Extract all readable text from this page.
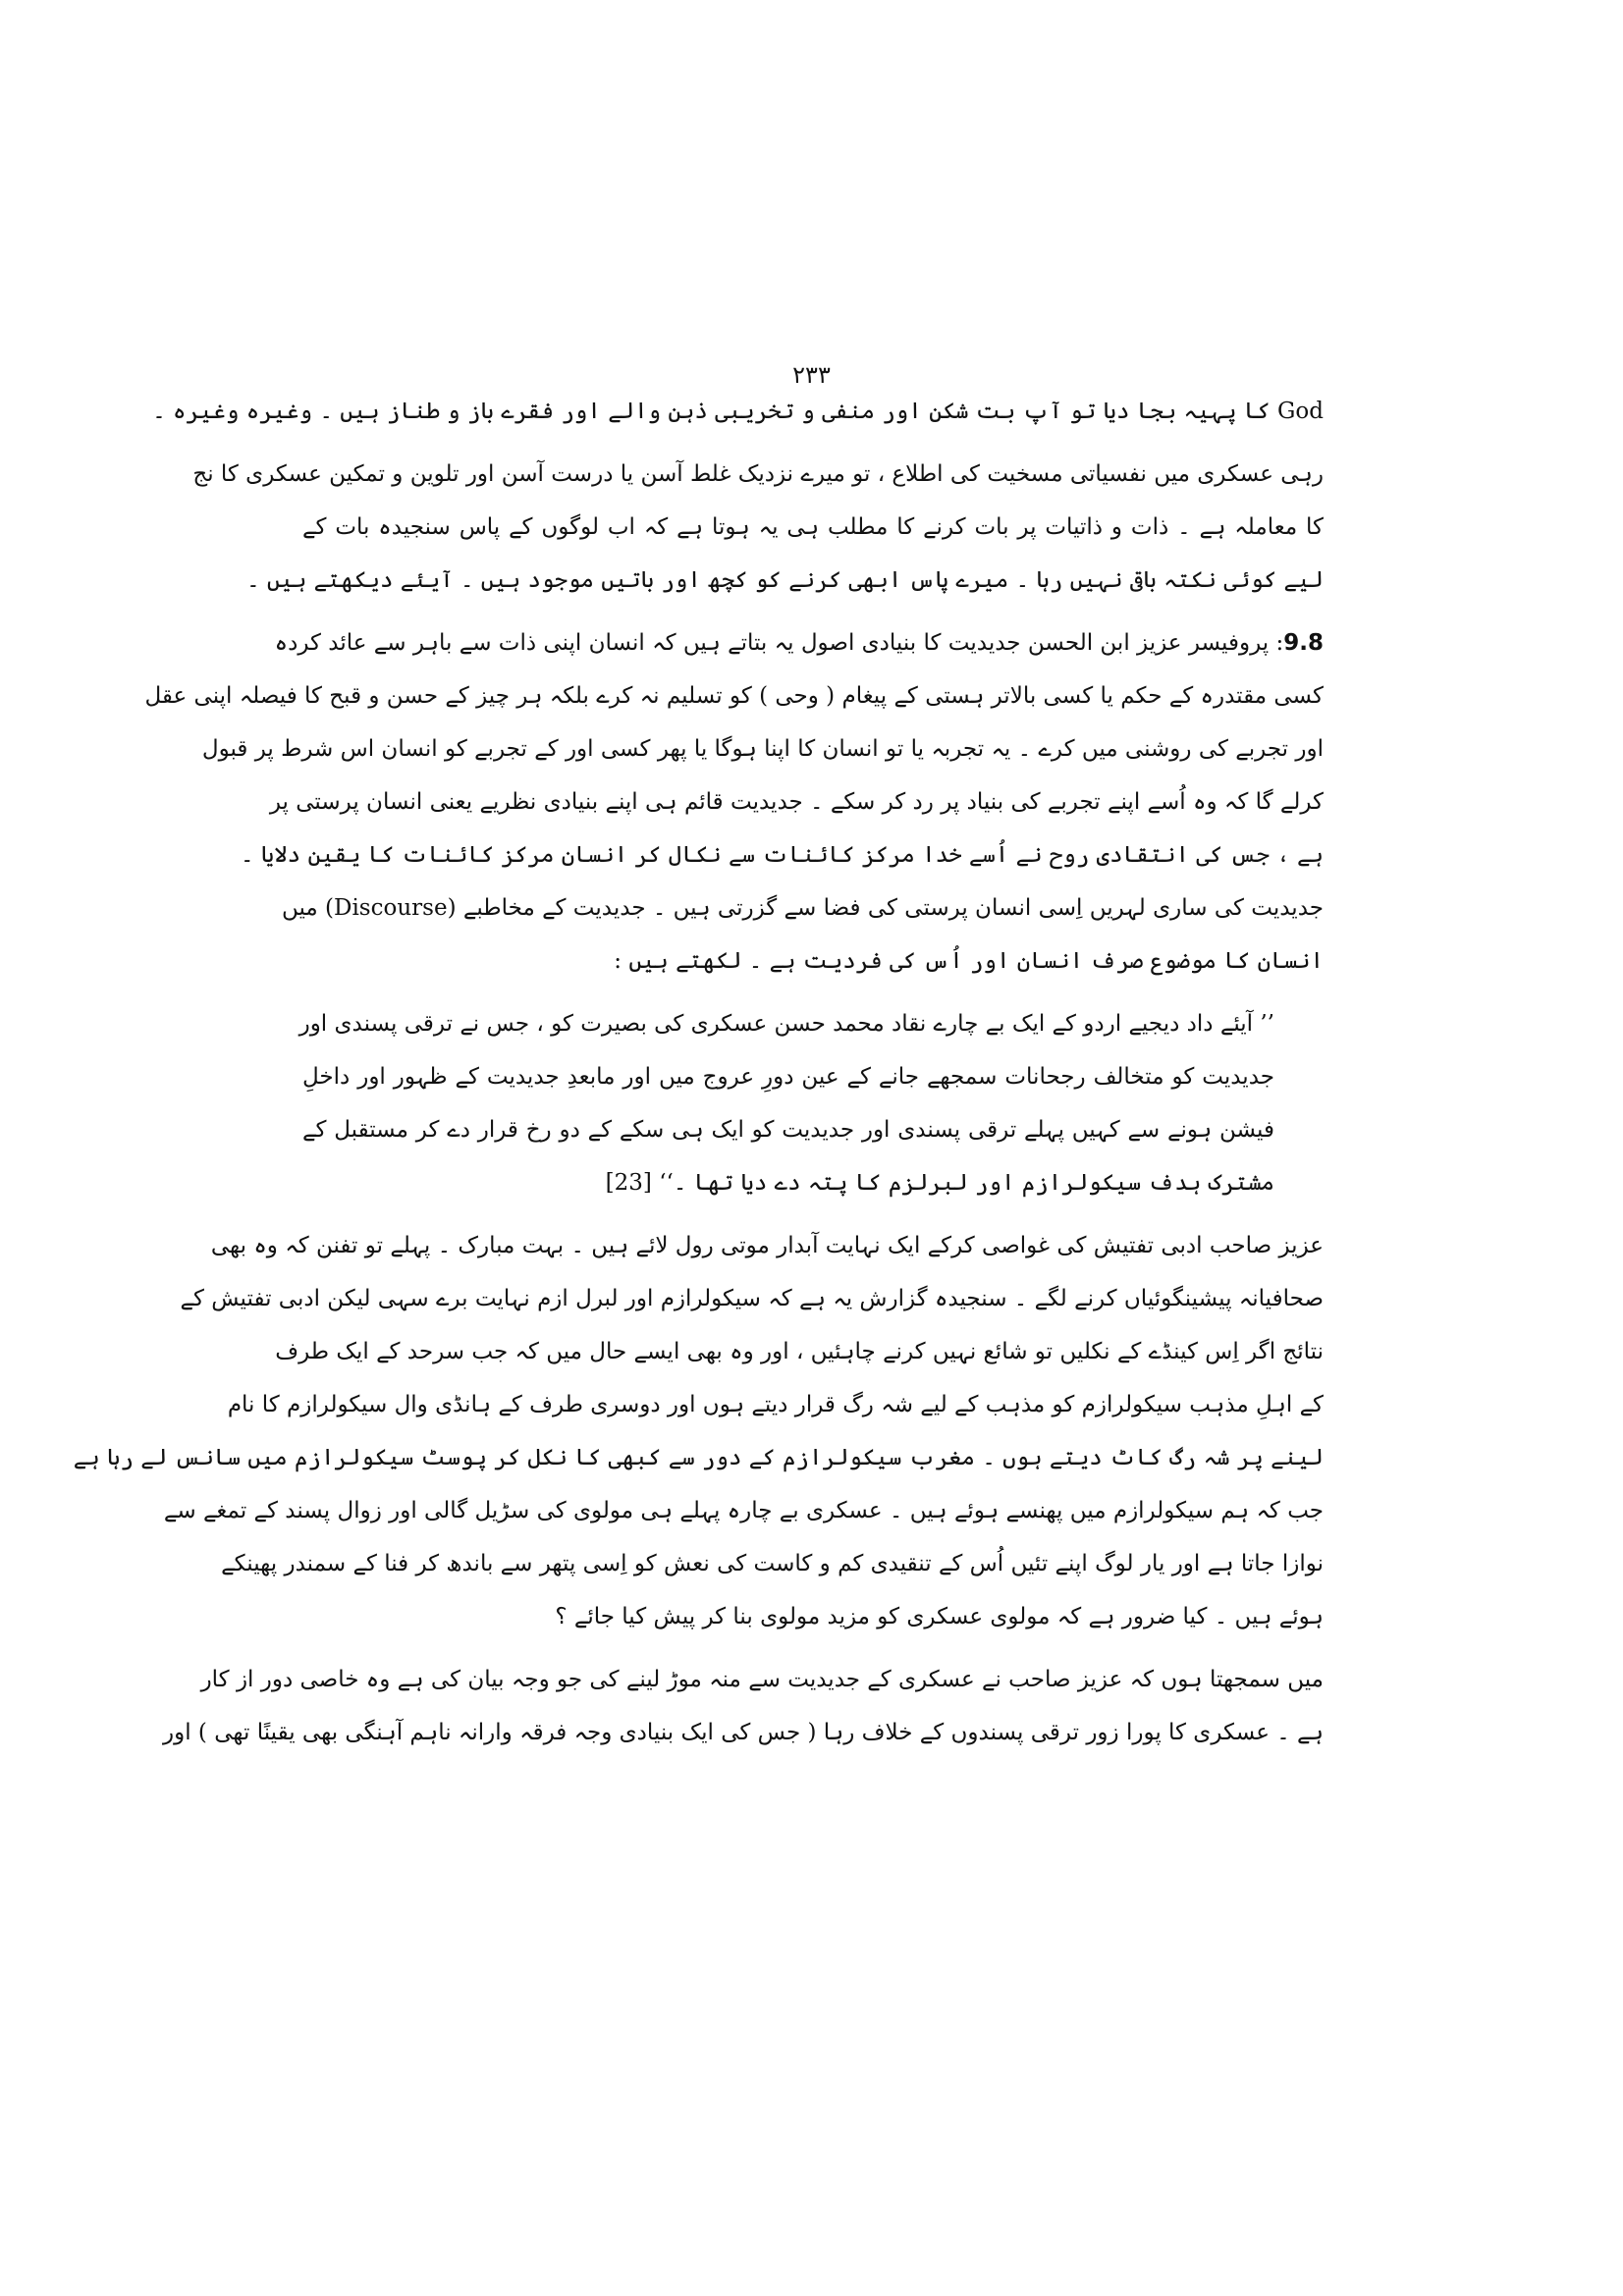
۲۳۳
God کا پہیہ بجا دیا تو آپ بت شکن اور منفی و تخریبی ذہن والے اور فقرے باز و طناز ہیں ۔ وغیرہ وغیرہ ۔
رہی عسکری میں نفسیاتی مسخیت کی اطلاع ، تو میرے نزدیک غلط آسن یا درست آسن اور تلوین و تمکین عسکری کا نج
کا معاملہ ہے ۔ ذات و ذاتیات پر بات کرنے کا مطلب ہی یہ ہوتا ہے کہ اب لوگوں کے پاس سنجیدہ بات کے
لیے کوئی نکتہ باقی نہیں رہا ۔ میرے پاس ابھی کرنے کو کچھ اور باتیں موجود ہیں ۔ آیئے دیکھتے ہیں ۔
9.8: پروفیسر عزیز ابن الحسن جدیدیت کا بنیادی اصول یہ بتاتے ہیں کہ انسان اپنی ذات سے باہر سے عائد کردہ
کسی مقتدرہ کے حکم یا کسی بالاتر ہستی کے پیغام ( وحی ) کو تسلیم نہ کرے بلکہ ہر چیز کے حسن و قبح کا فیصلہ اپنی عقل
اور تجربے کی روشنی میں کرے ۔ یہ تجربہ یا تو انسان کا اپنا ہوگا یا پھر کسی اور کے تجربے کو انسان اس شرط پر قبول
کرلے گا کہ وہ اُسے اپنے تجربے کی بنیاد پر رد کر سکے ۔ جدیدیت قائم ہی اپنے بنیادی نظریے یعنی انسان پرستی پر
ہے ، جس کی انتقادی روح نے اُسے خدا مرکز کائنات سے نکال کر انسان مرکز کائنات کا یقین دلایا ۔
جدیدیت کی ساری لہریں اِسی انسان پرستی کی فضا سے گزرتی ہیں ۔ جدیدیت کے مخاطبے (Discourse) میں
انسان کا موضوع صرف انسان اور اُس کی فردیت ہے ۔ لکھتے ہیں :
’’ آیئے داد دیجیے اردو کے ایک بے چارے نقاد محمد حسن عسکری کی بصیرت کو ، جس نے ترقی پسندی اور
جدیدیت کو متخالف رجحانات سمجھے جانے کے عین دورِ عروج میں اور مابعدِ جدیدیت کے ظہور اور داخلِ
فیشن ہونے سے کہیں پہلے ترقی پسندی اور جدیدیت کو ایک ہی سکے کے دو رخ قرار دے کر مستقبل کے
مشترک ہدف سیکولرازم اور لبرلزم کا پتہ دے دیا تھا ۔‘‘ [23]
عزیز صاحب ادبی تفتیش کی غواصی کرکے ایک نہایت آبدار موتی رول لائے ہیں ۔ بہت مبارک ۔ پہلے تو تفنن کہ وہ بھی
صحافیانہ پیشینگوئیاں کرنے لگے ۔ سنجیدہ گزارش یہ ہے کہ سیکولرازم اور لبرل ازم نہایت برے سہی لیکن ادبی تفتیش کے
نتائج اگر اِس کینڈے کے نکلیں تو شائع نہیں کرنے چاہئیں ، اور وہ بھی ایسے حال میں کہ جب سرحد کے ایک طرف
کے اہلِ مذہب سیکولرازم کو مذہب کے لیے شہ رگ قرار دیتے ہوں اور دوسری طرف کے ہانڈی وال سیکولرازم کا نام
لینے پر شہ رگ کاٹ دیتے ہوں ۔ مغرب سیکولرازم کے دور سے کبھی کا نکل کر پوسٹ سیکولرازم میں سانس لے رہا ہے
جب کہ ہم سیکولرازم میں پھنسے ہوئے ہیں ۔ عسکری بے چارہ پہلے ہی مولوی کی سڑیل گالی اور زوال پسند کے تمغے سے
نوازا جاتا ہے اور یار لوگ اپنے تئیں اُس کے تنقیدی کم و کاست کی نعش کو اِسی پتھر سے باندھ کر فنا کے سمندر پھینکے
ہوئے ہیں ۔ کیا ضرور ہے کہ مولوی عسکری کو مزید مولوی بنا کر پیش کیا جائے ؟
میں سمجھتا ہوں کہ عزیز صاحب نے عسکری کے جدیدیت سے منہ موڑ لینے کی جو وجہ بیان کی ہے وہ خاصی دور از کار
ہے ۔ عسکری کا پورا زور ترقی پسندوں کے خلاف رہا ( جس کی ایک بنیادی وجہ فرقہ وارانہ ناہم آہنگی بھی یقینًا تھی ) اور
